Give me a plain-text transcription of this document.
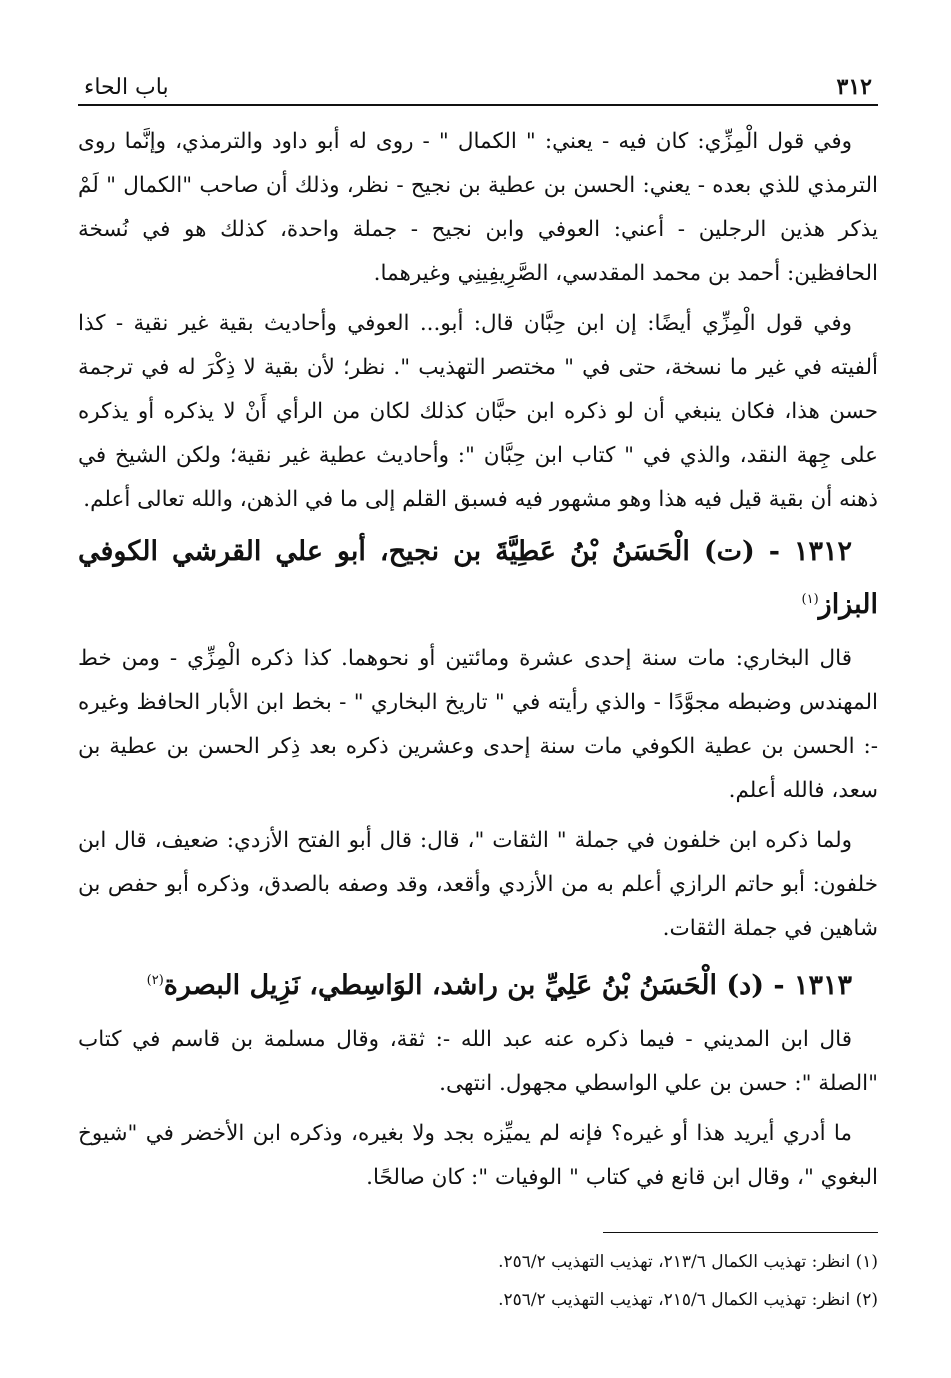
٣١٢
باب الحاء

وفي قول الْمِزِّي: كان فيه - يعني: " الكمال " - روى له أبو داود والترمذي، وإنَّما روى الترمذي للذي بعده - يعني: الحسن بن عطية بن نجيح - نظر، وذلك أن صاحب "الكمال " لَمْ يذكر هذين الرجلين - أعني: العوفي وابن نجيح - جملة واحدة، كذلك هو في نُسخة الحافظين: أحمد بن محمد المقدسي، الصَّرِيفِينِي وغيرهما.

وفي قول الْمِزِّي أيضًا: إن ابن حِبَّان قال: أبو... العوفي وأحاديث بقية غير نقية - كذا ألفيته في غير ما نسخة، حتى في " مختصر التهذيب ". نظر؛ لأن بقية لا ذِكْرَ له في ترجمة حسن هذا، فكان ينبغي أن لو ذكره ابن حبَّان كذلك لكان من الرأي أَنْ لا يذكره أو يذكره على جِهة النقد، والذي في " كتاب ابن حِبَّان ": وأحاديث عطية غير نقية؛ ولكن الشيخ في ذهنه أن بقية قيل فيه هذا وهو مشهور فيه فسبق القلم إلى ما في الذهن، والله تعالى أعلم.

١٣١٢ - (ت) الْحَسَنُ بْنُ عَطِيَّةَ بن نجيح، أبو علي القرشي الكوفي البزاز$^{(١)}$

قال البخاري: مات سنة إحدى عشرة ومائتين أو نحوهما. كذا ذكره الْمِزِّي - ومن خط المهندس وضبطه مجوَّدًا - والذي رأيته في " تاريخ البخاري " - بخط ابن الأبار الحافظ وغيره -: الحسن بن عطية الكوفي مات سنة إحدى وعشرين ذكره بعد ذِكر الحسن بن عطية بن سعد، فالله أعلم.

ولما ذكره ابن خلفون في جملة " الثقات "، قال: قال أبو الفتح الأزدي: ضعيف، قال ابن خلفون: أبو حاتم الرازي أعلم به من الأزدي وأقعد، وقد وصفه بالصدق، وذكره أبو حفص بن شاهين في جملة الثقات.

١٣١٣ - (د) الْحَسَنُ بْنُ عَلِيِّ بن راشد، الوَاسِطي، نَزِيل البصرة$^{(٢)}$

قال ابن المديني - فيما ذكره عنه عبد الله -: ثقة، وقال مسلمة بن قاسم في كتاب "الصلة ": حسن بن علي الواسطي مجهول. انتهى.

ما أدري أيريد هذا أو غيره؟ فإنه لم يميِّزه بجد ولا بغيره، وذكره ابن الأخضر في "شيوخ البغوي "، وقال ابن قانع في كتاب " الوفيات ": كان صالحًا.

(١) انظر: تهذيب الكمال ٢١٣/٦، تهذيب التهذيب ٢٥٦/٢.

(٢) انظر: تهذيب الكمال ٢١٥/٦، تهذيب التهذيب ٢٥٦/٢.
